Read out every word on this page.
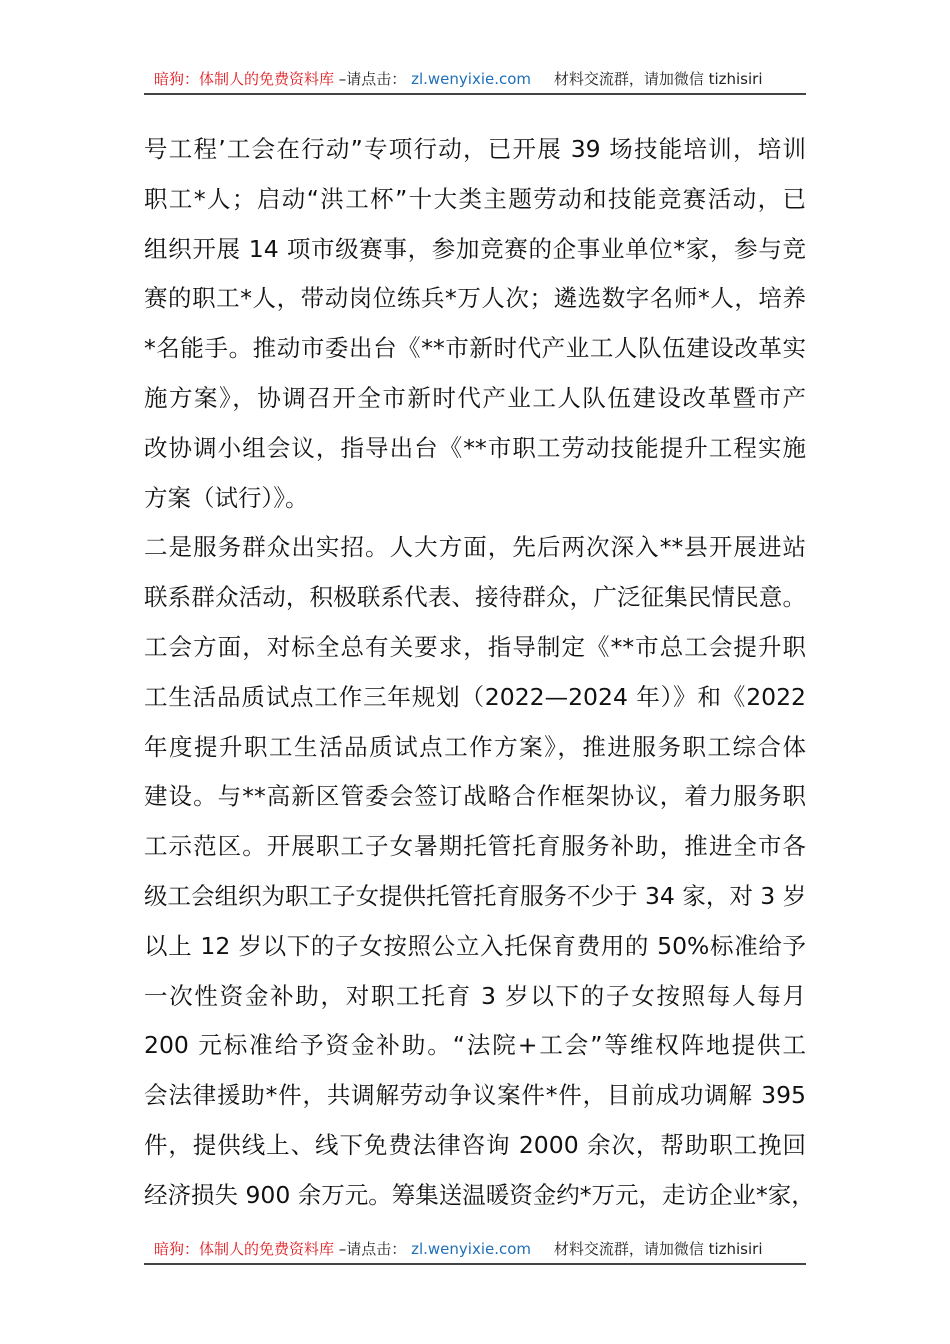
暗狗：体制人的免费资料库 –请点击： zl.wenyixie.com 材料交流群，请加微信 tizhisiri
号工程’工会在行动”专项行动，已开展 39 场技能培训，培训
职工*人；启动“洪工杯”十大类主题劳动和技能竞赛活动，已
组织开展 14 项市级赛事，参加竞赛的企事业单位*家，参与竞
赛的职工*人，带动岗位练兵*万人次；遴选数字名师*人，培养
*名能手。推动市委出台《**市新时代产业工人队伍建设改革实
施方案》，协调召开全市新时代产业工人队伍建设改革暨市产
改协调小组会议，指导出台《**市职工劳动技能提升工程实施
方案（试行）》。
二是服务群众出实招。人大方面，先后两次深入**县开展进站
联系群众活动，积极联系代表、接待群众，广泛征集民情民意。
工会方面，对标全总有关要求，指导制定《**市总工会提升职
工生活品质试点工作三年规划（2022—2024 年）》和《2022
年度提升职工生活品质试点工作方案》，推进服务职工综合体
建设。与**高新区管委会签订战略合作框架协议，着力服务职
工示范区。开展职工子女暑期托管托育服务补助，推进全市各
级工会组织为职工子女提供托管托育服务不少于 34 家，对 3 岁
以上 12 岁以下的子女按照公立入托保育费用的 50%标准给予
一次性资金补助，对职工托育 3 岁以下的子女按照每人每月
200 元标准给予资金补助。“法院+工会”等维权阵地提供工
会法律援助*件，共调解劳动争议案件*件，目前成功调解 395
件，提供线上、线下免费法律咨询 2000 余次，帮助职工挽回
经济损失 900 余万元。筹集送温暖资金约*万元，走访企业*家，
暗狗：体制人的免费资料库 –请点击： zl.wenyixie.com 材料交流群，请加微信 tizhisiri
